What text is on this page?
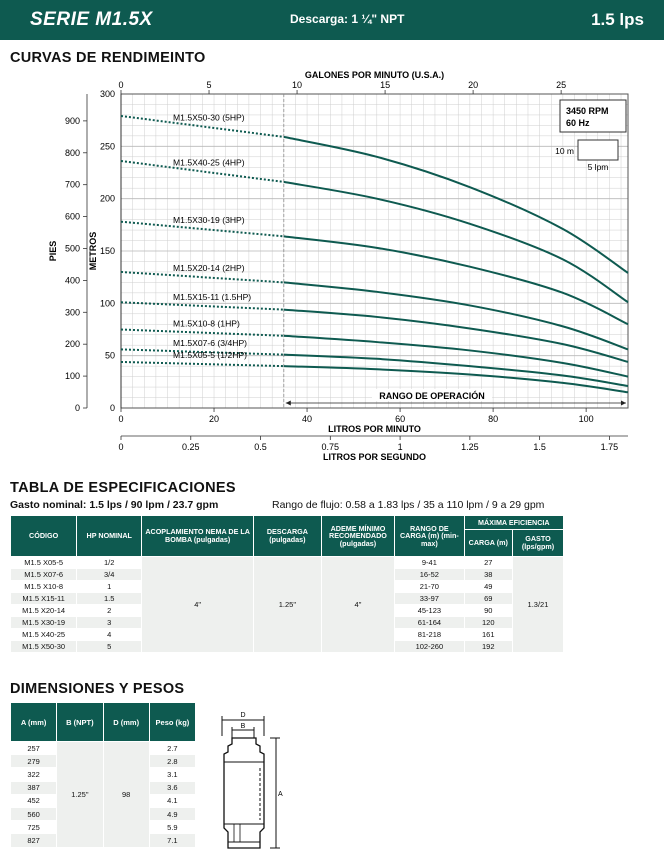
SERIE M1.5X	Descarga: 1 ¼" NPT	1.5 lps
CURVAS DE RENDIMEINTO
GALONES POR MINUTO (U.S.A.)
0	5	10	15	20	25
0
50
100
150
200
250
300
METROS
0
100
200
300
400
500
600
700
800
900
PIES
0	20	40	60	80	100
LITROS POR MINUTO
0	0.25	0.5	0.75	1	1.25	1.5	1.75
LITROS POR SEGUNDO
RANGO DE OPERACIÓN
3450 RPM
60 Hz
10 m
5 lpm
M1.5X50-30 (5HP)
M1.5X40-25 (4HP)
M1.5X30-19 (3HP)
M1.5X20-14 (2HP)
M1.5X15-11 (1.5HP)
M1.5X10-8 (1HP)
M1.5X07-6 (3/4HP)
M1.5X05-5 (1/2HP)
TABLA DE ESPECIFICACIONES
Gasto nominal: 1.5 lps / 90 lpm / 23.7 gpm	Rango de flujo: 0.58 a 1.83 lps / 35 a 110 lpm / 9 a 29 gpm
CÓDIGO	HP NOMINAL	ACOPLAMIENTO NEMA DE LA BOMBA (pulgadas)	DESCARGA (pulgadas)	ADEME MÍNIMO RECOMENDADO (pulgadas)	RANGO DE CARGA (m) (min-max)	MÁXIMA EFICIENCIA	
						CARGA (m)	GASTO (lps/gpm)
M1.5 X05-5	1/2	4"	1.25"	4"	9-41	27	1.3/21
M1.5 X07-6	3/4				16-52	38	
M1.5 X10-8	1				21-70	49	
M1.5 X15-11	1.5				33-97	69	
M1.5 X20-14	2				45-123	90	
M1.5 X30-19	3				61-164	120	
M1.5 X40-25	4				81-218	161	
M1.5 X50-30	5				102-260	192	
DIMENSIONES Y PESOS
A (mm)	B (NPT)	D (mm)	Peso (kg)
257	1.25"	98	2.7
279			2.8
322			3.1
387			3.6
452			4.1
560			4.9
725			5.9
827			7.1
D
B
A
